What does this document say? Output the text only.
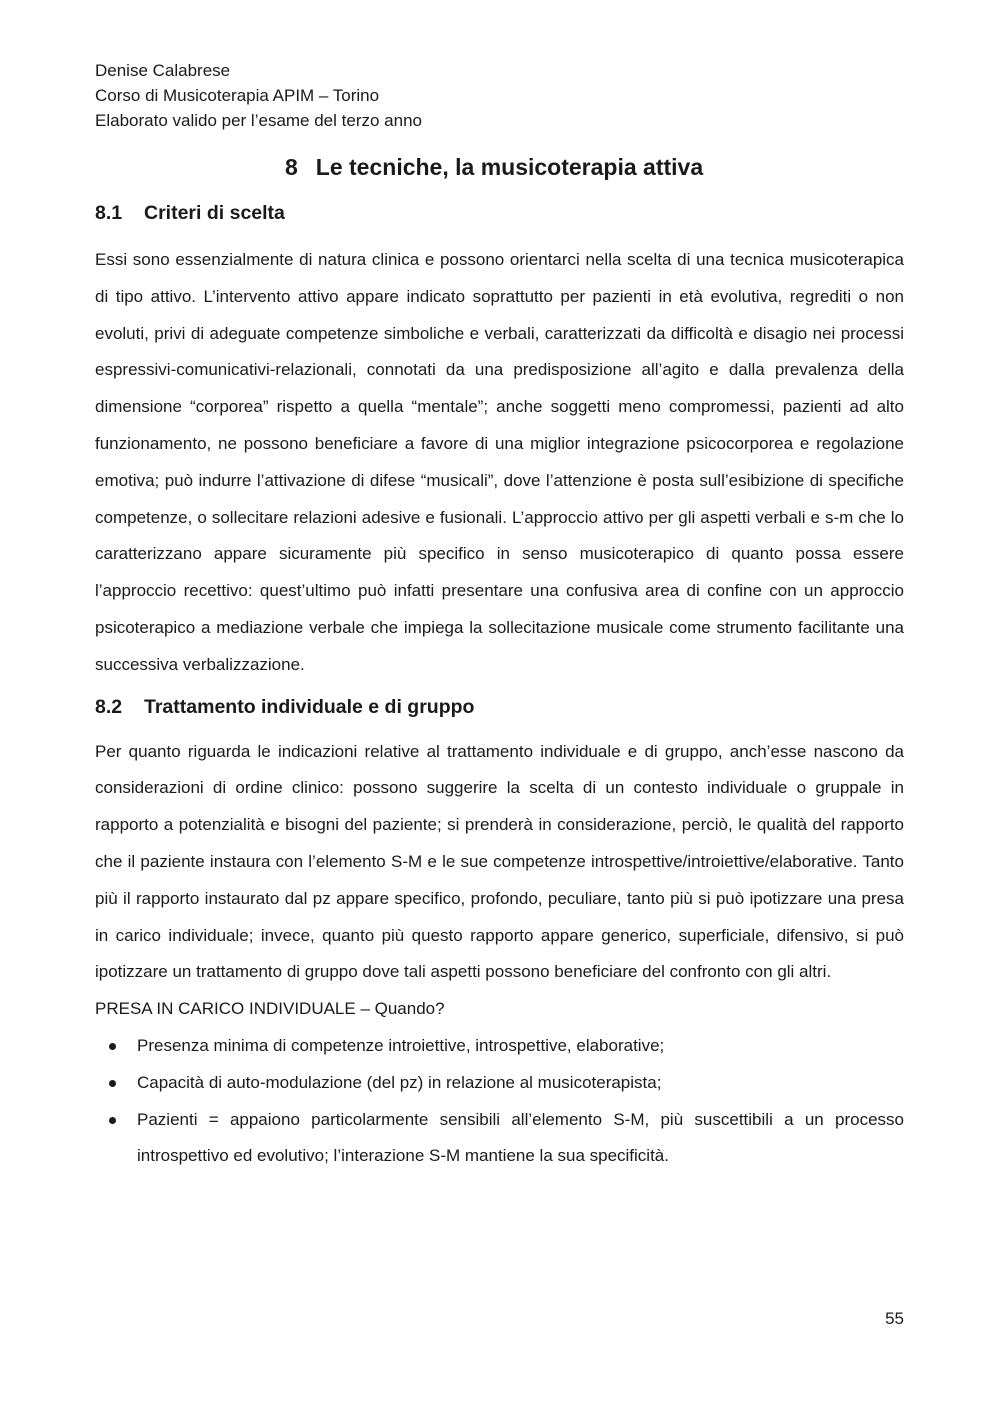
Denise Calabrese

Corso di Musicoterapia APIM – Torino

Elaborato valido per l’esame del terzo anno

8 Le tecniche, la musicoterapia attiva
8.1 Criteri di scelta

Essi sono essenzialmente di natura clinica e possono orientarci nella scelta di una tecnica musicoterapica di tipo attivo. L’intervento attivo appare indicato soprattutto per pazienti in età evolutiva, regrediti o non evoluti, privi di adeguate competenze simboliche e verbali, caratterizzati da difficoltà e disagio nei processi espressivi-comunicativi-relazionali, connotati da una predisposizione all’agito e dalla prevalenza della dimensione “corporea” rispetto a quella “mentale”; anche soggetti meno compromessi, pazienti ad alto funzionamento, ne possono beneficiare a favore di una miglior integrazione psicocorporea e regolazione emotiva; può indurre l’attivazione di difese “musicali”, dove l’attenzione è posta sull’esibizione di specifiche competenze, o sollecitare relazioni adesive e fusionali. L’approccio attivo per gli aspetti verbali e s-m che lo caratterizzano appare sicuramente più specifico in senso musicoterapico di quanto possa essere l’approccio recettivo: quest’ultimo può infatti presentare una confusiva area di confine con un approccio psicoterapico a mediazione verbale che impiega la sollecitazione musicale come strumento facilitante una successiva verbalizzazione.

8.2 Trattamento individuale e di gruppo

Per quanto riguarda le indicazioni relative al trattamento individuale e di gruppo, anch’esse nascono da considerazioni di ordine clinico: possono suggerire la scelta di un contesto individuale o gruppale in rapporto a potenzialità e bisogni del paziente; si prenderà in considerazione, perciò, le qualità del rapporto che il paziente instaura con l’elemento S-M e le sue competenze introspettive/introiettive/elaborative. Tanto più il rapporto instaurato dal pz appare specifico, profondo, peculiare, tanto più si può ipotizzare una presa in carico individuale; invece, quanto più questo rapporto appare generico, superficiale, difensivo, si può ipotizzare un trattamento di gruppo dove tali aspetti possono beneficiare del confronto con gli altri.

PRESA IN CARICO INDIVIDUALE – Quando?

Presenza minima di competenze introiettive, introspettive, elaborative;
Capacità di auto-modulazione (del pz) in relazione al musicoterapista;
Pazienti = appaiono particolarmente sensibili all’elemento S-M, più suscettibili a un processo introspettivo ed evolutivo; l’interazione S-M mantiene la sua specificità.
55
